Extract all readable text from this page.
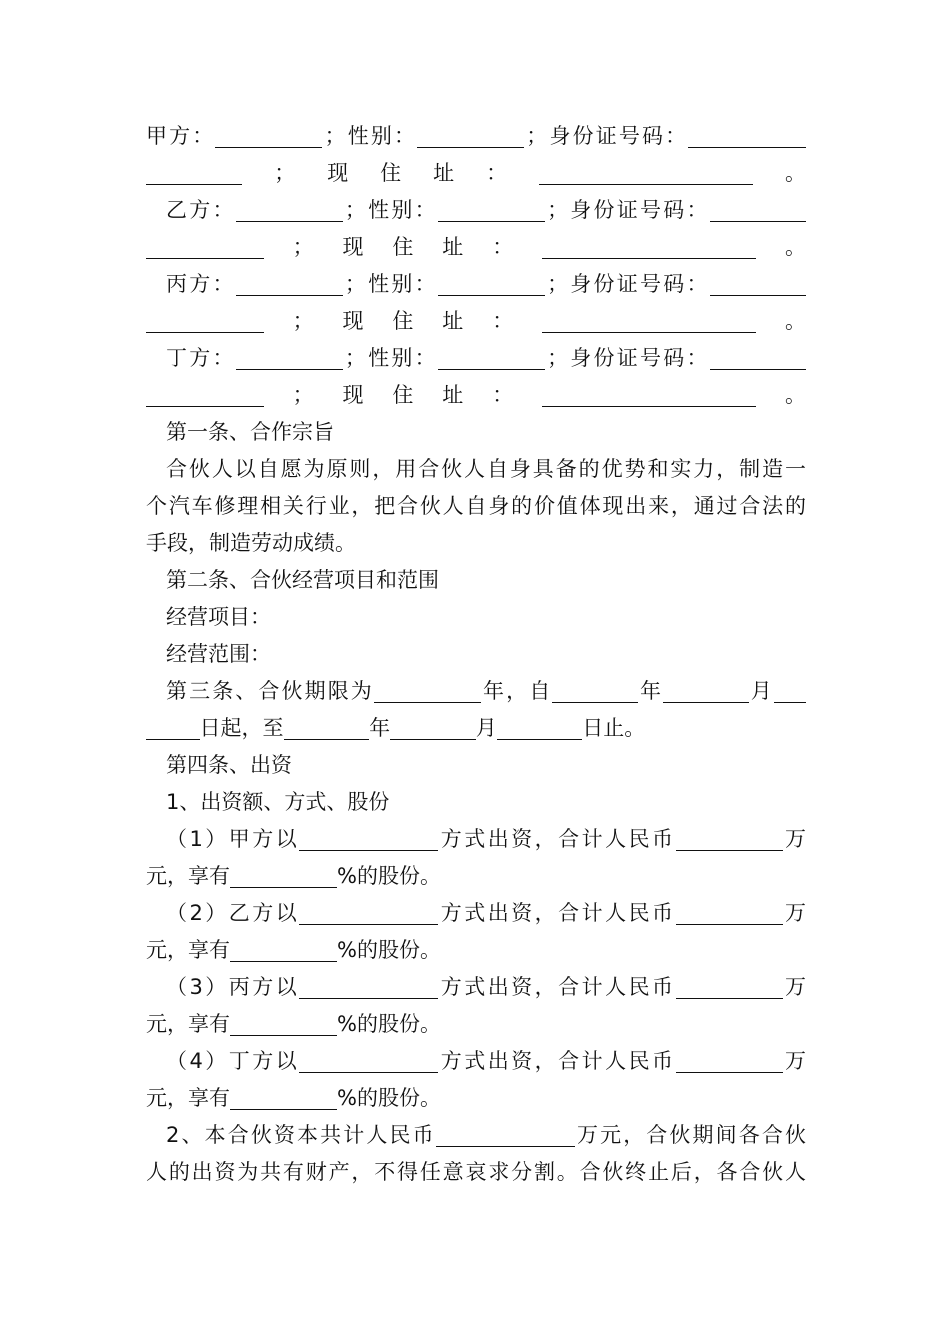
甲 方 ：	； 性 别 ：	； 身 份 证 号 码 ：
； 现 住 址 ：	。
乙 方 ：	； 性 别 ：	； 身 份 证 号 码 ：
； 现 住 址 ：	。
丙 方 ：	； 性 别 ：	； 身 份 证 号 码 ：
； 现 住 址 ：	。
丁 方 ：	； 性 别 ：	； 身 份 证 号 码 ：
； 现 住 址 ：	。
第 一 条 、 合 作 宗 旨
合 伙 人 以 自 愿 为 原 则 ， 用 合 伙 人 自 身 具 备 的 优 势 和 实 力 ， 制 造 一
个 汽 车 修 理 相 关 行 业 ， 把 合 伙 人 自 身 的 价 值 体 现 出 来 ， 通 过 合 法 的
手 段 ， 制 造 劳 动 成 绩 。
第 二 条 、 合 伙 经 营 项 目 和 范 围
经 营 项 目 ：
经 营 范 围 ：
第 三 条 、 合 伙 期 限 为	年 ， 自	年	月
日 起 ， 至	年	月	日 止 。
第 四 条 、 出 资
1 、 出 资 额 、 方 式 、 股 份
（ 1 ） 甲 方 以	方 式 出 资 ， 合 计 人 民 币	万
元 ， 享 有	% 的 股 份 。
（ 2 ） 乙 方 以	方 式 出 资 ， 合 计 人 民 币	万
元 ， 享 有	% 的 股 份 。
（ 3 ） 丙 方 以	方 式 出 资 ， 合 计 人 民 币	万
元 ， 享 有	% 的 股 份 。
（ 4 ） 丁 方 以	方 式 出 资 ， 合 计 人 民 币	万
元 ， 享 有	% 的 股 份 。
2 、 本 合 伙 资 本 共 计 人 民 币	万 元 ， 合 伙 期 间 各 合 伙
人 的 出 资 为 共 有 财 产 ， 不 得 任 意 哀 求 分 割 。 合 伙 终 止 后 ， 各 合 伙 人
